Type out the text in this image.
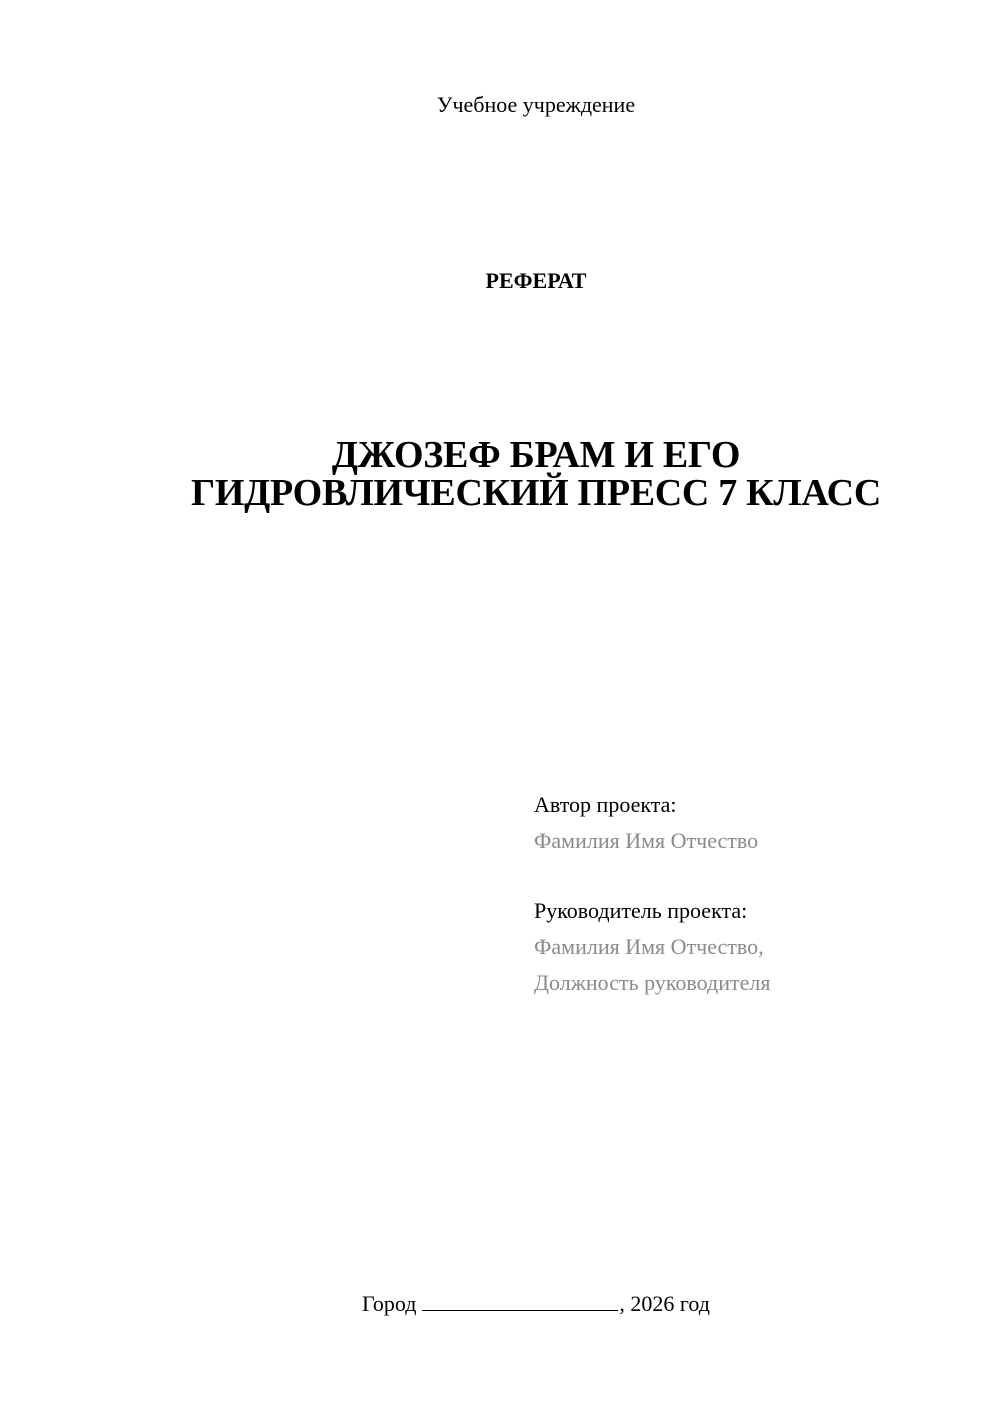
Учебное учреждение
РЕФЕРАТ
ДЖОЗЕФ БРАМ И ЕГО
ГИДРОВЛИЧЕСКИЙ ПРЕСС 7 КЛАСС
Автор проекта:
Фамилия Имя Отчество
Руководитель проекта:
Фамилия Имя Отчество,
Должность руководителя
Город	, 2026 год
